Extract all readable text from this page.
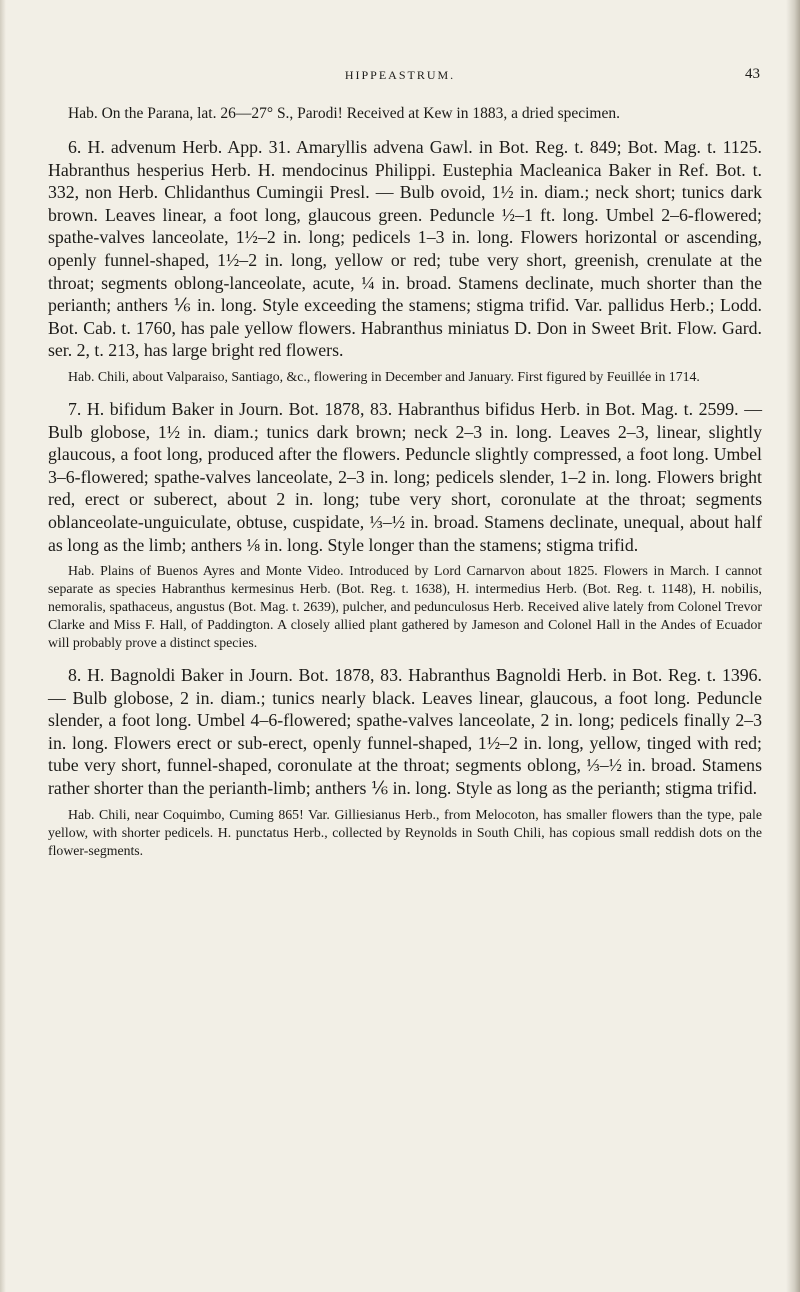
HIPPEASTRUM.	43

Hab. On the Parana, lat. 26—27° S., Parodi! Received at Kew in 1883, a dried specimen.

6. H. advenum Herb. App. 31. Amaryllis advena Gawl. in Bot. Reg. t. 849; Bot. Mag. t. 1125. Habranthus hesperius Herb. H. mendocinus Philippi. Eustephia Macleanica Baker in Ref. Bot. t. 332, non Herb. Chlidanthus Cumingii Presl. — Bulb ovoid, 1½ in. diam.; neck short; tunics dark brown. Leaves linear, a foot long, glaucous green. Peduncle ½–1 ft. long. Umbel 2–6-flowered; spathe-valves lanceolate, 1½–2 in. long; pedicels 1–3 in. long. Flowers horizontal or ascending, openly funnel-shaped, 1½–2 in. long, yellow or red; tube very short, greenish, crenulate at the throat; segments oblong-lanceolate, acute, ¼ in. broad. Stamens declinate, much shorter than the perianth; anthers ⅙ in. long. Style exceeding the stamens; stigma trifid. Var. pallidus Herb.; Lodd. Bot. Cab. t. 1760, has pale yellow flowers. Habranthus miniatus D. Don in Sweet Brit. Flow. Gard. ser. 2, t. 213, has large bright red flowers.

Hab. Chili, about Valparaiso, Santiago, &c., flowering in December and January. First figured by Feuillée in 1714.

7. H. bifidum Baker in Journ. Bot. 1878, 83. Habranthus bifidus Herb. in Bot. Mag. t. 2599. — Bulb globose, 1½ in. diam.; tunics dark brown; neck 2–3 in. long. Leaves 2–3, linear, slightly glaucous, a foot long, produced after the flowers. Peduncle slightly compressed, a foot long. Umbel 3–6-flowered; spathe-valves lanceolate, 2–3 in. long; pedicels slender, 1–2 in. long. Flowers bright red, erect or suberect, about 2 in. long; tube very short, coronulate at the throat; segments oblanceolate-unguiculate, obtuse, cuspidate, ⅓–½ in. broad. Stamens declinate, unequal, about half as long as the limb; anthers ⅛ in. long. Style longer than the stamens; stigma trifid.

Hab. Plains of Buenos Ayres and Monte Video. Introduced by Lord Carnarvon about 1825. Flowers in March. I cannot separate as species Habranthus kermesinus Herb. (Bot. Reg. t. 1638), H. intermedius Herb. (Bot. Reg. t. 1148), H. nobilis, nemoralis, spathaceus, angustus (Bot. Mag. t. 2639), pulcher, and pedunculosus Herb. Received alive lately from Colonel Trevor Clarke and Miss F. Hall, of Paddington. A closely allied plant gathered by Jameson and Colonel Hall in the Andes of Ecuador will probably prove a distinct species.

8. H. Bagnoldi Baker in Journ. Bot. 1878, 83. Habranthus Bagnoldi Herb. in Bot. Reg. t. 1396. — Bulb globose, 2 in. diam.; tunics nearly black. Leaves linear, glaucous, a foot long. Peduncle slender, a foot long. Umbel 4–6-flowered; spathe-valves lanceolate, 2 in. long; pedicels finally 2–3 in. long. Flowers erect or sub-erect, openly funnel-shaped, 1½–2 in. long, yellow, tinged with red; tube very short, funnel-shaped, coronulate at the throat; segments oblong, ⅓–½ in. broad. Stamens rather shorter than the perianth-limb; anthers ⅙ in. long. Style as long as the perianth; stigma trifid.

Hab. Chili, near Coquimbo, Cuming 865! Var. Gilliesianus Herb., from Melocoton, has smaller flowers than the type, pale yellow, with shorter pedicels. H. punctatus Herb., collected by Reynolds in South Chili, has copious small reddish dots on the flower-segments.
